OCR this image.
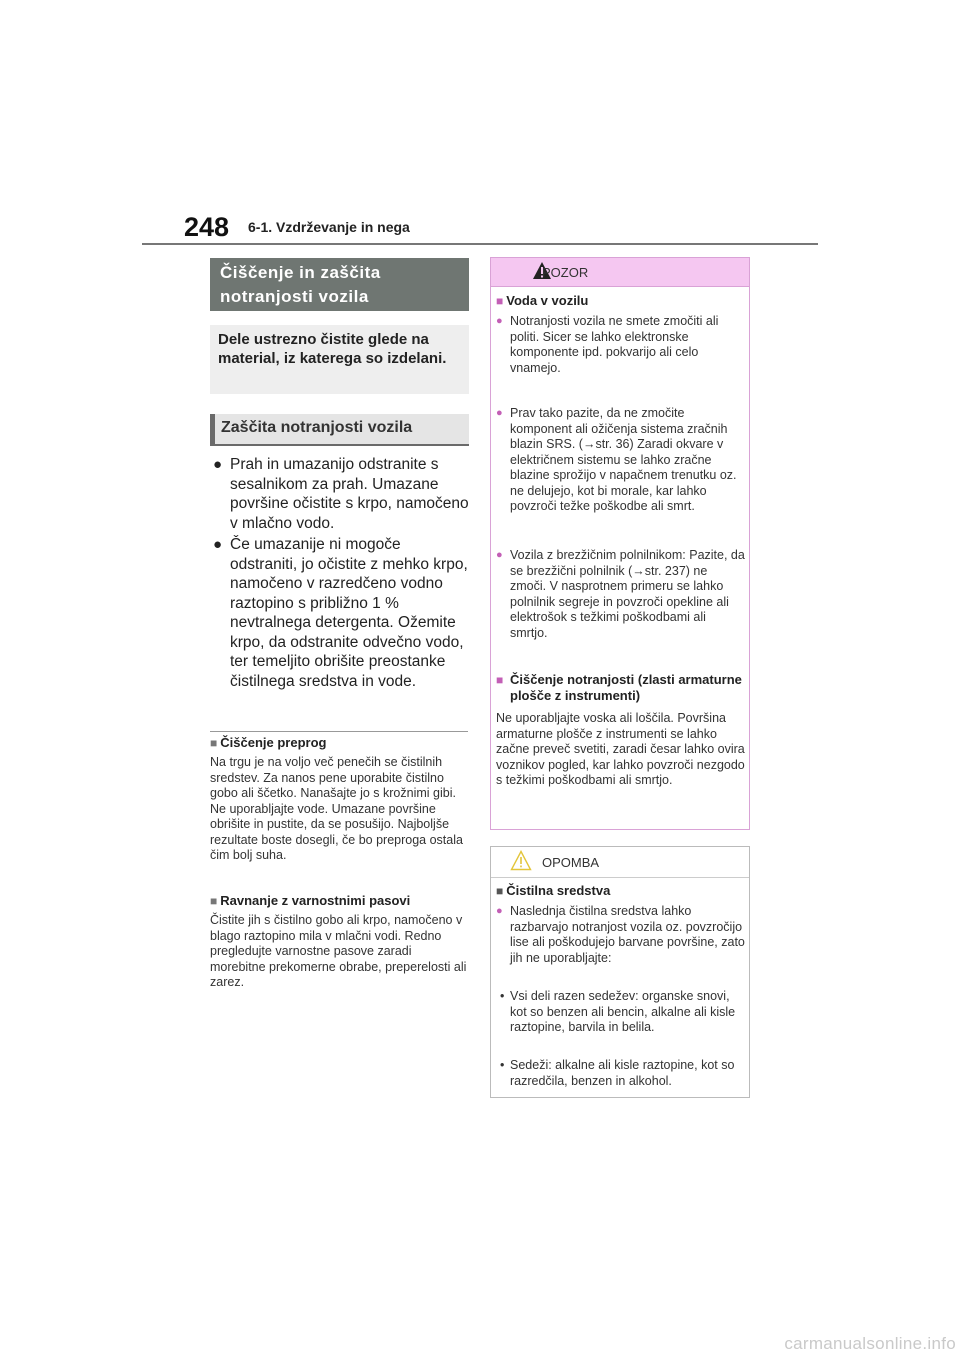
248 6-1. Vzdrževanje in nega
Čiščenje in zaščita notranjosti vozila
Dele ustrezno čistite glede na material, iz katerega so izdelani.
Zaščita notranjosti vozila
● Prah in umazanijo odstranite s sesalnikom za prah. Umazane površine očistite s krpo, namočeno v mlačno vodo.
● Če umazanije ni mogoče odstraniti, jo očistite z mehko krpo, namočeno v razredčeno vodno raztopino s približno 1 % nevtralnega detergenta. Ožemite krpo, da odstranite odvečno vodo, ter temeljito obrišite preostanke čistilnega sredstva in vode.
■ Čiščenje preprog
Na trgu je na voljo več penečih se čistilnih sredstev. Za nanos pene uporabite čistilno gobo ali ščetko. Nanašajte jo s krožnimi gibi. Ne uporabljajte vode. Umazane površine obrišite in pustite, da se posušijo. Najboljše rezultate boste dosegli, če bo preproga ostala čim bolj suha.
■ Ravnanje z varnostnimi pasovi
Čistite jih s čistilno gobo ali krpo, namočeno v blago raztopino mila v mlačni vodi. Redno pregledujte varnostne pasove zaradi morebitne prekomerne obrabe, preperelosti ali zarez.
POZOR
■ Voda v vozilu
● Notranjosti vozila ne smete zmočiti ali politi. Sicer se lahko elektronske komponente ipd. pokvarijo ali celo vnamejo.
● Prav tako pazite, da ne zmočite komponent ali ožičenja sistema zračnih blazin SRS. (→str. 36) Zaradi okvare v električnem sistemu se lahko zračne blazine sprožijo v napačnem trenutku oz. ne delujejo, kot bi morale, kar lahko povzroči težke poškodbe ali smrt.
● Vozila z brezžičnim polnilnikom: Pazite, da se brezžični polnilnik (→str. 237) ne zmoči. V nasprotnem primeru se lahko polnilnik segreje in povzroči opekline ali elektrošok s težkimi poškodbami ali smrtjo.
■ Čiščenje notranjosti (zlasti armaturne plošče z instrumenti)
Ne uporabljajte voska ali loščila. Površina armaturne plošče z instrumenti se lahko začne preveč svetiti, zaradi česar lahko ovira voznikov pogled, kar lahko povzroči nezgodo s težkimi poškodbami ali smrtjo.
OPOMBA
■ Čistilna sredstva
● Naslednja čistilna sredstva lahko razbarvajo notranjost vozila oz. povzročijo lise ali poškodujejo barvane površine, zato jih ne uporabljajte:
• Vsi deli razen sedežev: organske snovi, kot so benzen ali bencin, alkalne ali kisle raztopine, barvila in belila.
• Sedeži: alkalne ali kisle raztopine, kot so razredčila, benzen in alkohol.
carmanualsonline.info
